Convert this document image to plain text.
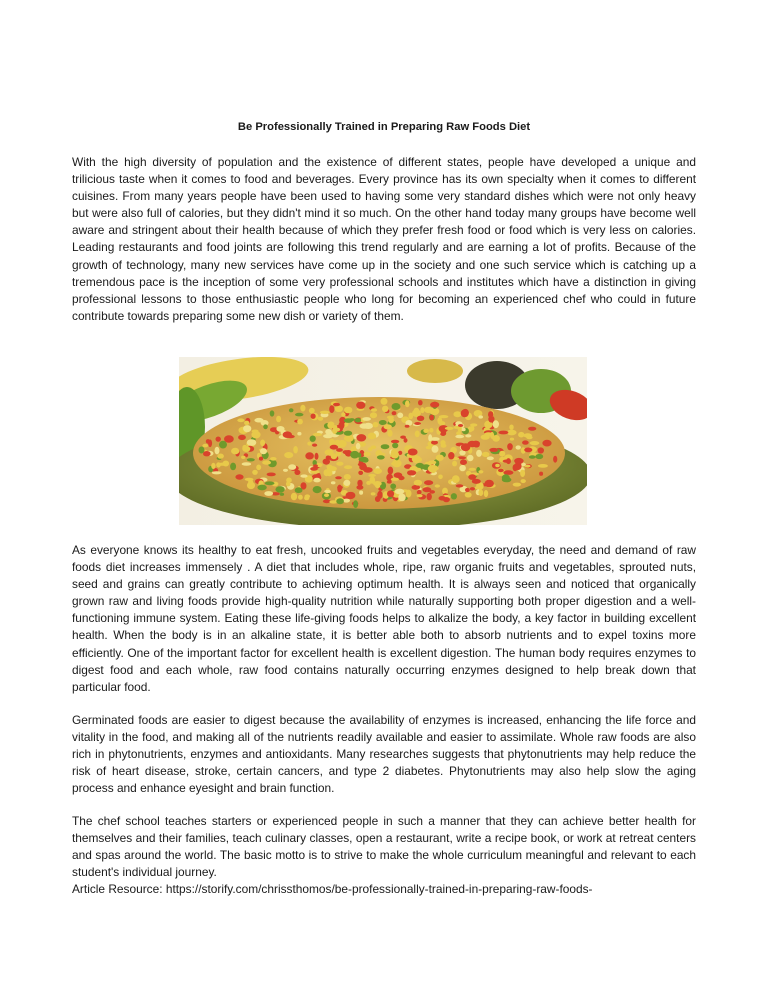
Be Professionally Trained in Preparing Raw Foods Diet

With the high diversity of population and the existence of different states, people have developed a unique and trilicious taste when it comes to food and beverages. Every province has its own specialty when it comes to different cuisines. From many years people have been used to having some very standard dishes which were not only heavy but were also full of calories, but they didn't mind it so much. On the other hand today many groups have become well aware and stringent about their health because of which they prefer fresh food or food which is very less on calories. Leading restaurants and food joints are following this trend regularly and are earning a lot of profits. Because of the growth of technology, many new services have come up in the society and one such service which is catching up a tremendous pace is the inception of some very professional schools and institutes which have a distinction in giving professional lessons to those enthusiastic people who long for becoming an experienced chef who could in future contribute towards preparing some new dish or variety of them.

As everyone knows its healthy to eat fresh, uncooked fruits and vegetables everyday, the need and demand of raw foods diet increases immensely . A diet that includes whole, ripe, raw organic fruits and vegetables, sprouted nuts, seed and grains can greatly contribute to achieving optimum health. It is always seen and noticed that organically grown raw and living foods provide high-quality nutrition while naturally supporting both proper digestion and a well-functioning immune system. Eating these life-giving foods helps to alkalize the body, a key factor in building excellent health. When the body is in an alkaline state, it is better able both to absorb nutrients and to expel toxins more efficiently. One of the important factor for excellent health is excellent digestion. The human body requires enzymes to digest food and each whole, raw food contains naturally occurring enzymes designed to help break down that particular food.

Germinated foods are easier to digest because the availability of enzymes is increased, enhancing the life force and vitality in the food, and making all of the nutrients readily available and easier to assimilate. Whole raw foods are also rich in phytonutrients, enzymes and antioxidants. Many researches suggests that phytonutrients may help reduce the risk of heart disease, stroke, certain cancers, and type 2 diabetes. Phytonutrients may also help slow the aging process and enhance eyesight and brain function.

The chef school teaches starters or experienced people in such a manner that they can achieve better health for themselves and their families, teach culinary classes, open a restaurant, write a recipe book, or work at retreat centers and spas around the world. The basic motto is to strive to make the whole curriculum meaningful and relevant to each student's individual journey.

Article Resource: https://storify.com/chrissthomos/be-professionally-trained-in-preparing-raw-foods-
